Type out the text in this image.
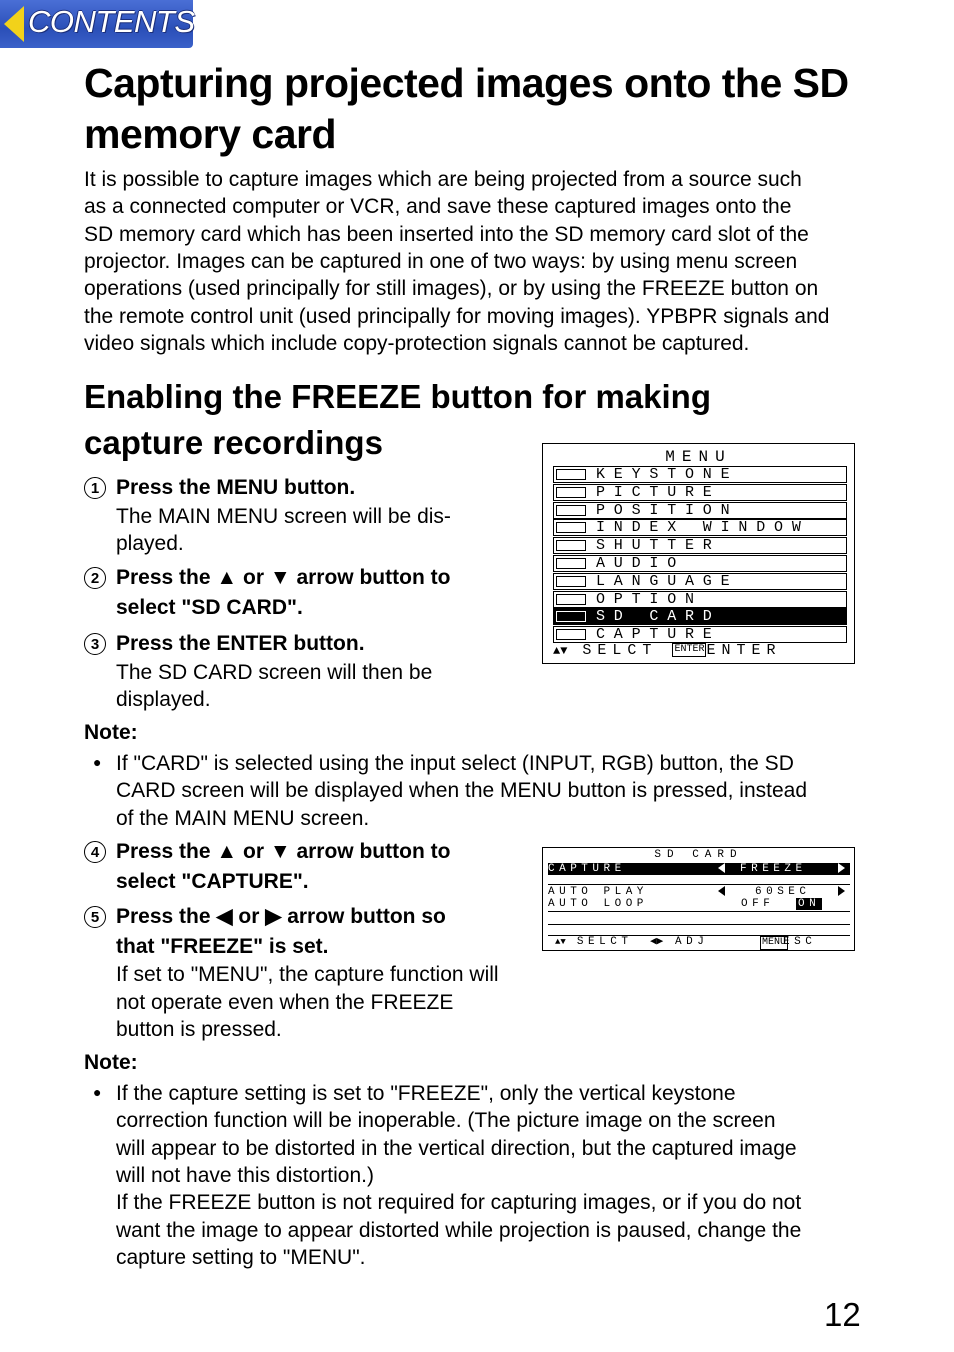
CONTENTS
Capturing projected images onto the SD memory card
It is possible to capture images which are being projected from a source such
as a connected computer or VCR, and save these captured images onto the
SD memory card which has been inserted into the SD memory card slot of the
projector. Images can be captured in one of two ways: by using menu screen
operations (used principally for still images), or by using the FREEZE button on
the remote control unit (used principally for moving images). YPBPR signals and
video signals which include copy-protection signals cannot be captured.
Enabling the FREEZE button for making
capture recordings
1 Press the MENU button.
The MAIN MENU screen will be dis-
played.
2 Press the ▲ or ▼ arrow button to
select "SD CARD".
3 Press the ENTER button.
The SD CARD screen will then be
displayed.
4 Press the ▲ or ▼ arrow button to
select "CAPTURE".
5 Press the ◀ or ▶ arrow button so
that "FREEZE" is set.
If set to "MENU", the capture function will
not operate even when the FREEZE
button is pressed.
Note:
● If "CARD" is selected using the input select (INPUT, RGB) button, the SD
CARD screen will be displayed when the MENU button is pressed, instead
of the MAIN MENU screen.
Note:
● If the capture setting is set to "FREEZE", only the vertical keystone
correction function will be inoperable. (The picture image on the screen
will appear to be distorted in the vertical direction, but the captured image
will not have this distortion.)
If the FREEZE button is not required for capturing images, or if you do not
want the image to appear distorted while projection is paused, change the
capture setting to "MENU".
MENU
KEYSTONE
PICTURE
POSITION
INDEX WINDOW
SHUTTER
AUDIO
LANGUAGE
OPTION
SD CARD
CAPTURE
▲▼ SELCT ENTER ENTER
SD CARD
CAPTURE	FREEZE
AUTO PLAY	60SEC
AUTO LOOP	OFF ON
▲▼ SELCT ◀▶ ADJ	MENU
ESC
12
